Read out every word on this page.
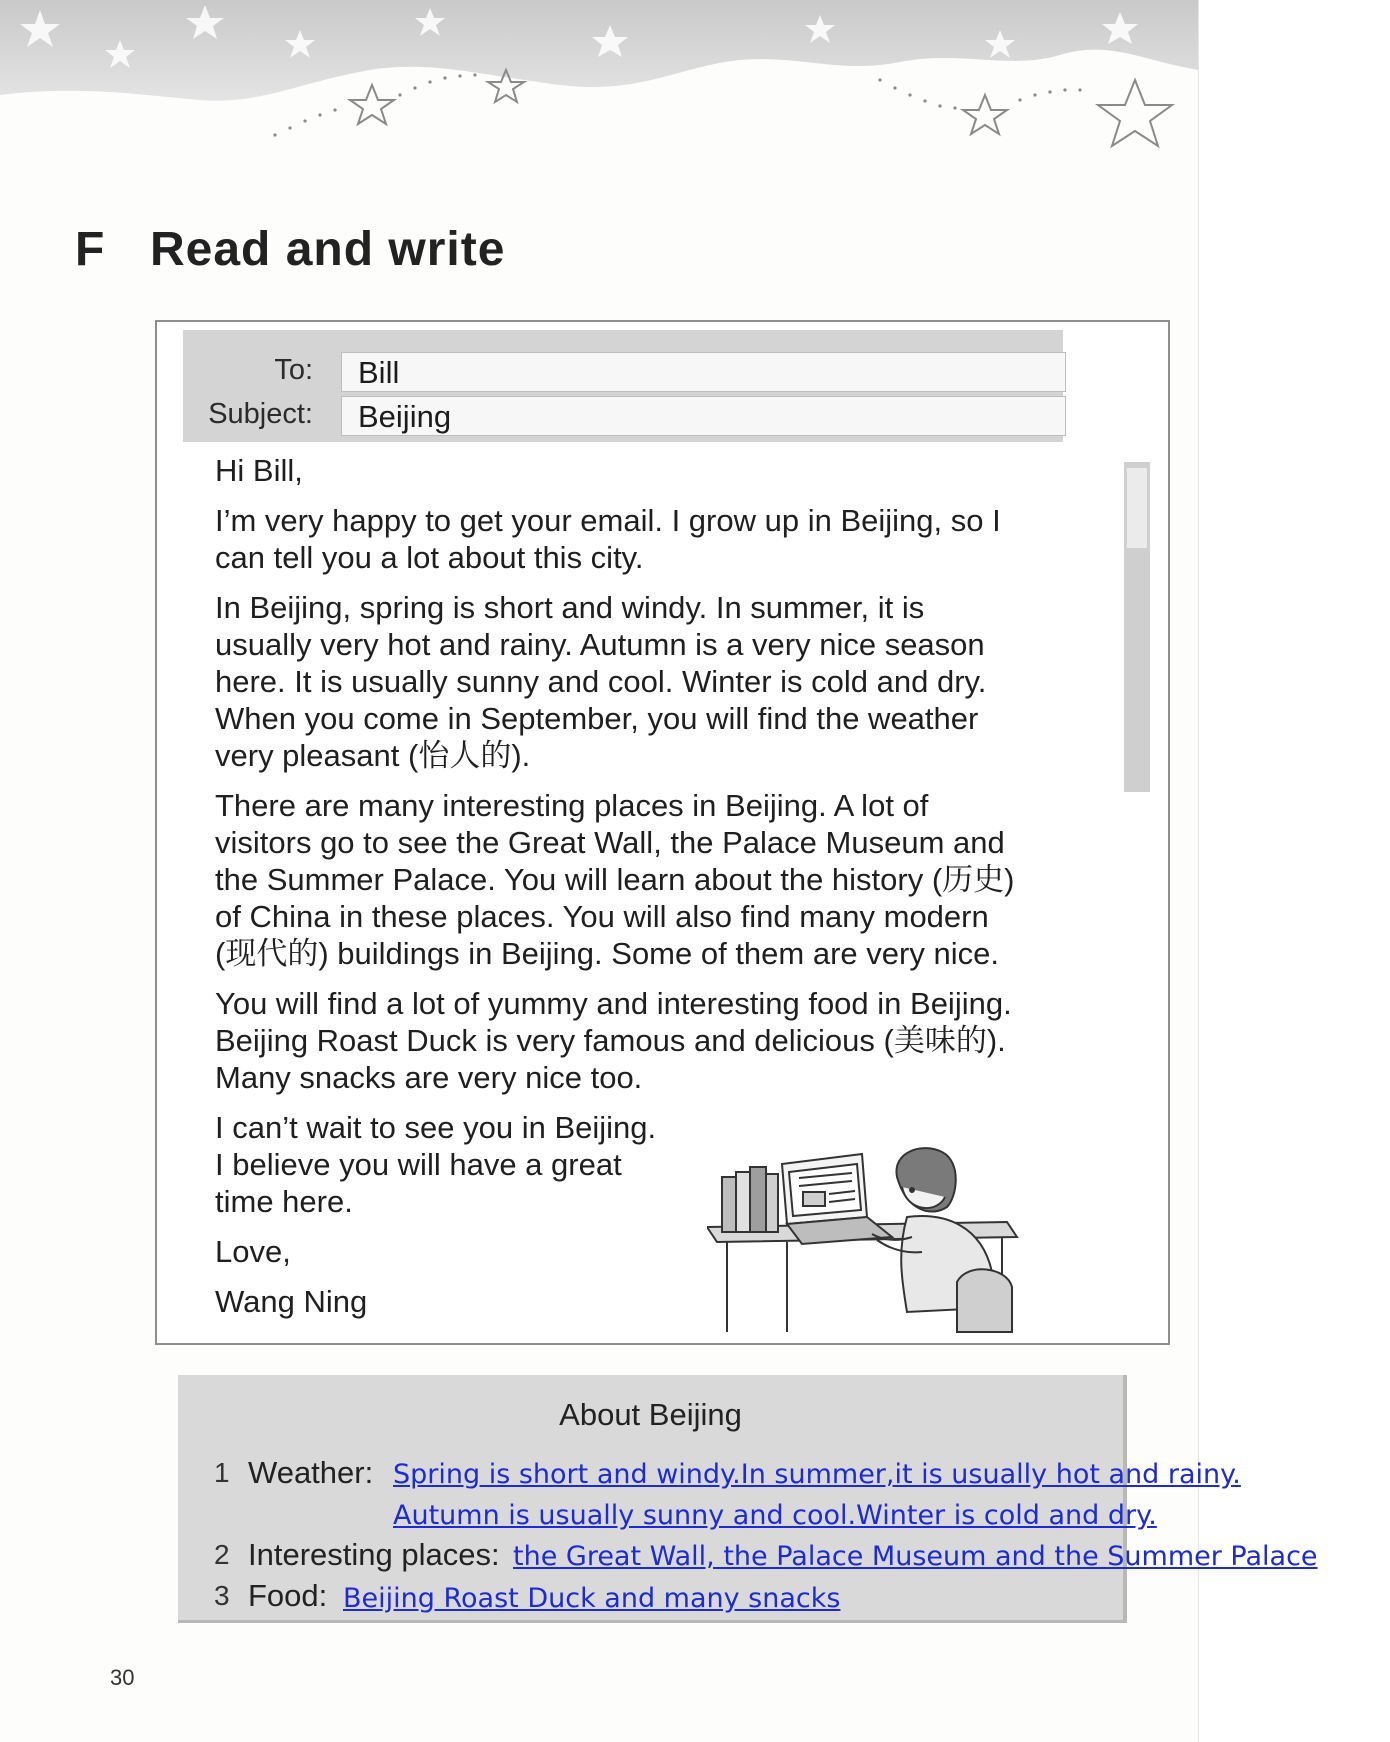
F Read and write
To:	Bill
Subject:	Beijing

Hi Bill,

I’m very happy to get your email. I grow up in Beijing, so I
can tell you a lot about this city.

In Beijing, spring is short and windy. In summer, it is
usually very hot and rainy. Autumn is a very nice season
here. It is usually sunny and cool. Winter is cold and dry.
When you come in September, you will find the weather
very pleasant (怡人的).

There are many interesting places in Beijing. A lot of
visitors go to see the Great Wall, the Palace Museum and
the Summer Palace. You will learn about the history (历史)
of China in these places. You will also find many modern
(现代的) buildings in Beijing. Some of them are very nice.

You will find a lot of yummy and interesting food in Beijing.
Beijing Roast Duck is very famous and delicious (美味的).
Many snacks are very nice too.

I can’t wait to see you in Beijing.
I believe you will have a great
time here.

Love,

Wang Ning

About Beijing
1 Weather: Spring is short and windy.In summer,it is usually hot and rainy.
Autumn is usually sunny and cool.Winter is cold and dry.
2 Interesting places: the Great Wall, the Palace Museum and the Summer Palace
3 Food: Beijing Roast Duck and many snacks
30
